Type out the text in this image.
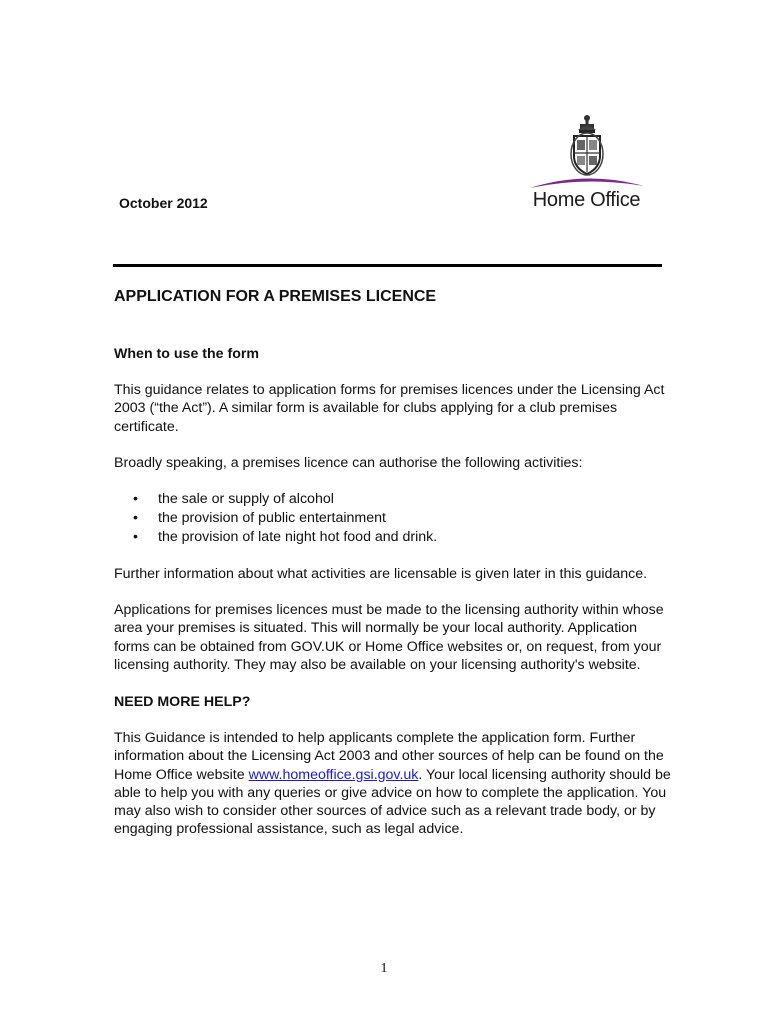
Home Office
October 2012
APPLICATION FOR A PREMISES LICENCE

When to use the form

This guidance relates to application forms for premises licences under the Licensing Act 2003 (“the Act”). A similar form is available for clubs applying for a club premises certificate.

Broadly speaking, a premises licence can authorise the following activities:

• the sale or supply of alcohol
• the provision of public entertainment
• the provision of late night hot food and drink.

Further information about what activities are licensable is given later in this guidance.

Applications for premises licences must be made to the licensing authority within whose area your premises is situated. This will normally be your local authority. Application forms can be obtained from GOV.UK or Home Office websites or, on request, from your licensing authority. They may also be available on your licensing authority's website.

NEED MORE HELP?

This Guidance is intended to help applicants complete the application form. Further information about the Licensing Act 2003 and other sources of help can be found on the Home Office website www.homeoffice.gsi.gov.uk. Your local licensing authority should be able to help you with any queries or give advice on how to complete the application. You may also wish to consider other sources of advice such as a relevant trade body, or by engaging professional assistance, such as legal advice.

1
